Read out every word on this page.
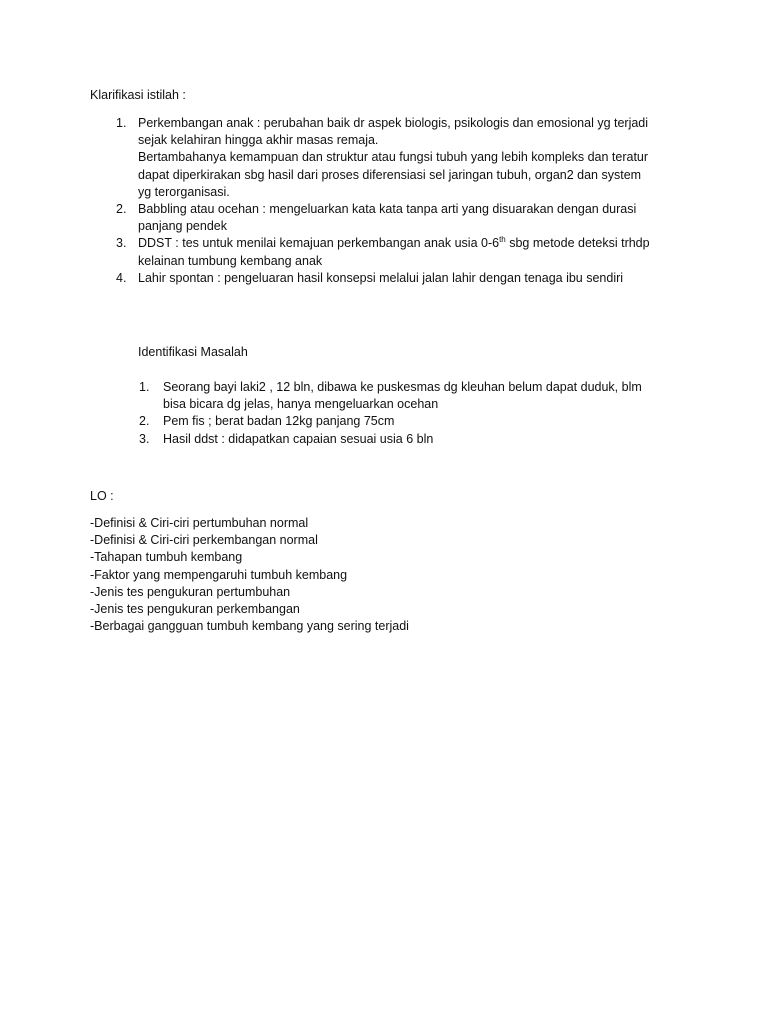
Klarifikasi istilah :
1. Perkembangan anak : perubahan baik dr aspek biologis, psikologis dan emosional yg terjadi
sejak kelahiran hingga akhir masas remaja.
Bertambahanya kemampuan dan struktur atau fungsi tubuh yang lebih kompleks dan teratur
dapat diperkirakan sbg hasil dari proses diferensiasi sel jaringan tubuh, organ2 dan system
yg terorganisasi.
2. Babbling atau ocehan : mengeluarkan kata kata tanpa arti yang disuarakan dengan durasi
panjang pendek
3. DDST : tes untuk menilai kemajuan perkembangan anak usia 0-6th sbg metode deteksi trhdp
kelainan tumbung kembang anak
4. Lahir spontan : pengeluaran hasil konsepsi melalui jalan lahir dengan tenaga ibu sendiri
Identifikasi Masalah
1. Seorang bayi laki2 , 12 bln, dibawa ke puskesmas dg kleuhan belum dapat duduk, blm
bisa bicara dg jelas, hanya mengeluarkan ocehan
2. Pem fis ; berat badan 12kg panjang 75cm
3. Hasil ddst : didapatkan capaian sesuai usia 6 bln
LO :
-Definisi & Ciri-ciri pertumbuhan normal
-Definisi & Ciri-ciri perkembangan normal
-Tahapan tumbuh kembang
-Faktor yang mempengaruhi tumbuh kembang
-Jenis tes pengukuran pertumbuhan
-Jenis tes pengukuran perkembangan
-Berbagai gangguan tumbuh kembang yang sering terjadi
